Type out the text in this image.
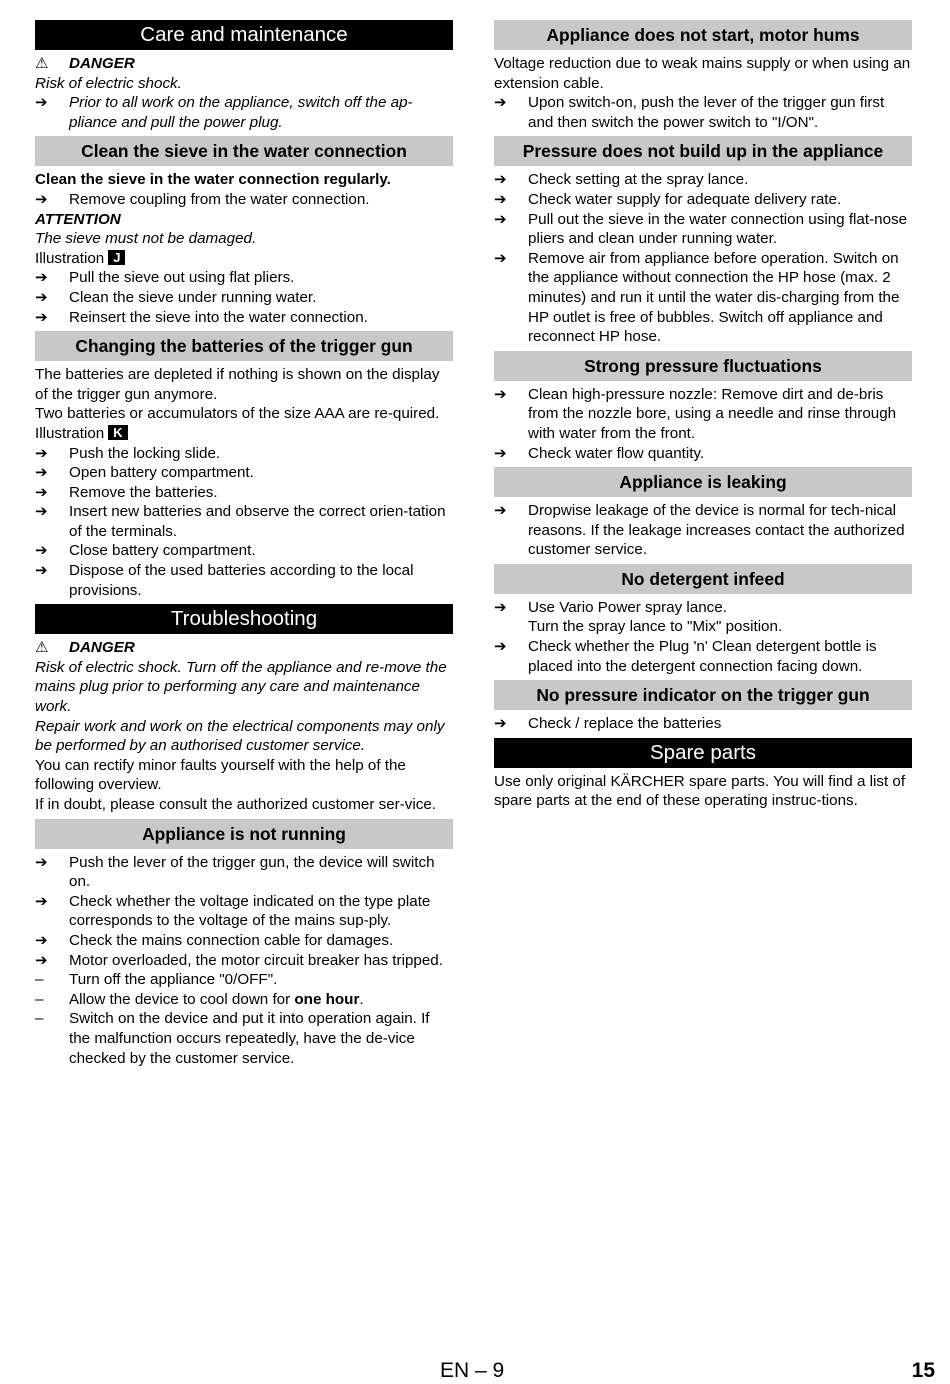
Care and maintenance

⚠ DANGER

Risk of electric shock.

➔	Prior to all work on the appliance, switch off the ap-pliance and pull the power plug.
Clean the sieve in the water connection

Clean the sieve in the water connection regularly.

➔	Remove coupling from the water connection.

ATTENTION

The sieve must not be damaged.

Illustration J

➔	Pull the sieve out using flat pliers.
➔	Clean the sieve under running water.
➔	Reinsert the sieve into the water connection.
Changing the batteries of the trigger gun

The batteries are depleted if nothing is shown on the display of the trigger gun anymore.

Two batteries or accumulators of the size AAA are re-quired.

Illustration K

➔	Push the locking slide.
➔	Open battery compartment.
➔	Remove the batteries.
➔	Insert new batteries and observe the correct orien-tation of the terminals.
➔	Close battery compartment.
➔	Dispose of the used batteries according to the local provisions.
Troubleshooting

⚠ DANGER

Risk of electric shock. Turn off the appliance and re-move the mains plug prior to performing any care and maintenance work.

Repair work and work on the electrical components may only be performed by an authorised customer service.

You can rectify minor faults yourself with the help of the following overview.

If in doubt, please consult the authorized customer ser-vice.

Appliance is not running
➔	Push the lever of the trigger gun, the device will switch on.
➔	Check whether the voltage indicated on the type plate corresponds to the voltage of the mains sup-ply.
➔	Check the mains connection cable for damages.
➔	Motor overloaded, the motor circuit breaker has tripped.
–	Turn off the appliance "0/OFF".
–	Allow the device to cool down for one hour.
–	Switch on the device and put it into operation again. If the malfunction occurs repeatedly, have the de-vice checked by the customer service.
Appliance does not start, motor hums

Voltage reduction due to weak mains supply or when using an extension cable.

➔	Upon switch-on, push the lever of the trigger gun first and then switch the power switch to "I/ON".
Pressure does not build up in the appliance
➔	Check setting at the spray lance.
➔	Check water supply for adequate delivery rate.
➔	Pull out the sieve in the water connection using flat-nose pliers and clean under running water.
➔	Remove air from appliance before operation. Switch on the appliance without connection the HP hose (max. 2 minutes) and run it until the water dis-charging from the HP outlet is free of bubbles. Switch off appliance and reconnect HP hose.
Strong pressure fluctuations
➔	Clean high-pressure nozzle: Remove dirt and de-bris from the nozzle bore, using a needle and rinse through with water from the front.
➔	Check water flow quantity.
Appliance is leaking
➔	Dropwise leakage of the device is normal for tech-nical reasons. If the leakage increases contact the authorized customer service.
No detergent infeed
➔	Use Vario Power spray lance.
Turn the spray lance to "Mix" position.
➔	Check whether the Plug 'n' Clean detergent bottle is placed into the detergent connection facing down.
No pressure indicator on the trigger gun
➔	Check / replace the batteries
Spare parts

Use only original KÄRCHER spare parts. You will find a list of spare parts at the end of these operating instruc-tions.

EN – 9	15
